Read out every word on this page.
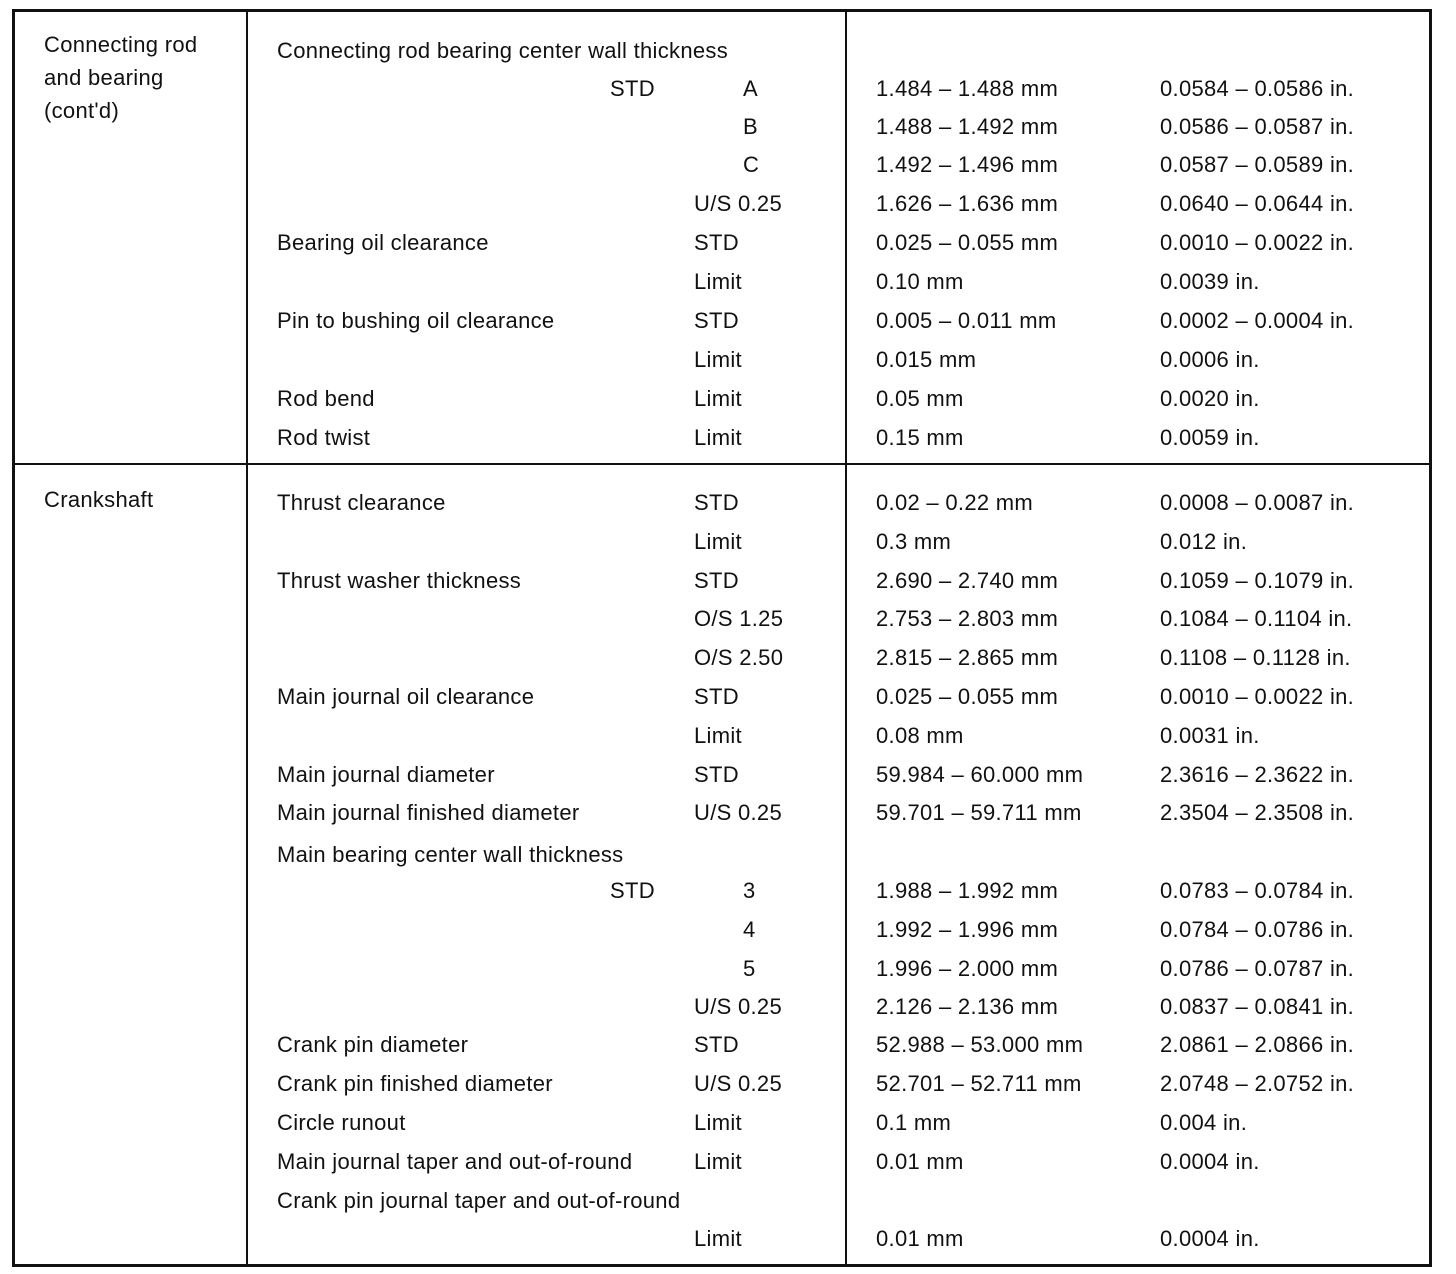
Connecting rod
and bearing
(cont'd)
Connecting rod bearing center wall thickness
STD	A	1.484 – 1.488 mm	0.0584 – 0.0586 in.
B	1.488 – 1.492 mm	0.0586 – 0.0587 in.
C	1.492 – 1.496 mm	0.0587 – 0.0589 in.
U/S 0.25	1.626 – 1.636 mm	0.0640 – 0.0644 in.
Bearing oil clearance	STD	0.025 – 0.055 mm	0.0010 – 0.0022 in.
Limit	0.10 mm	0.0039 in.
Pin to bushing oil clearance	STD	0.005 – 0.011 mm	0.0002 – 0.0004 in.
Limit	0.015 mm	0.0006 in.
Rod bend	Limit	0.05 mm	0.0020 in.
Rod twist	Limit	0.15 mm	0.0059 in.
Crankshaft	Thrust clearance	STD	0.02 – 0.22 mm	0.0008 – 0.0087 in.
Limit	0.3 mm	0.012 in.
Thrust washer thickness	STD	2.690 – 2.740 mm	0.1059 – 0.1079 in.
O/S 1.25	2.753 – 2.803 mm	0.1084 – 0.1104 in.
O/S 2.50	2.815 – 2.865 mm	0.1108 – 0.1128 in.
Main journal oil clearance	STD	0.025 – 0.055 mm	0.0010 – 0.0022 in.
Limit	0.08 mm	0.0031 in.
Main journal diameter	STD	59.984 – 60.000 mm	2.3616 – 2.3622 in.
Main journal finished diameter	U/S 0.25	59.701 – 59.711 mm	2.3504 – 2.3508 in.
Main bearing center wall thickness
STD	3	1.988 – 1.992 mm	0.0783 – 0.0784 in.
4	1.992 – 1.996 mm	0.0784 – 0.0786 in.
5	1.996 – 2.000 mm	0.0786 – 0.0787 in.
U/S 0.25	2.126 – 2.136 mm	0.0837 – 0.0841 in.
Crank pin diameter	STD	52.988 – 53.000 mm	2.0861 – 2.0866 in.
Crank pin finished diameter	U/S 0.25	52.701 – 52.711 mm	2.0748 – 2.0752 in.
Circle runout	Limit	0.1 mm	0.004 in.
Main journal taper and out-of-round	Limit	0.01 mm	0.0004 in.
Crank pin journal taper and out-of-round
Limit	0.01 mm	0.0004 in.
